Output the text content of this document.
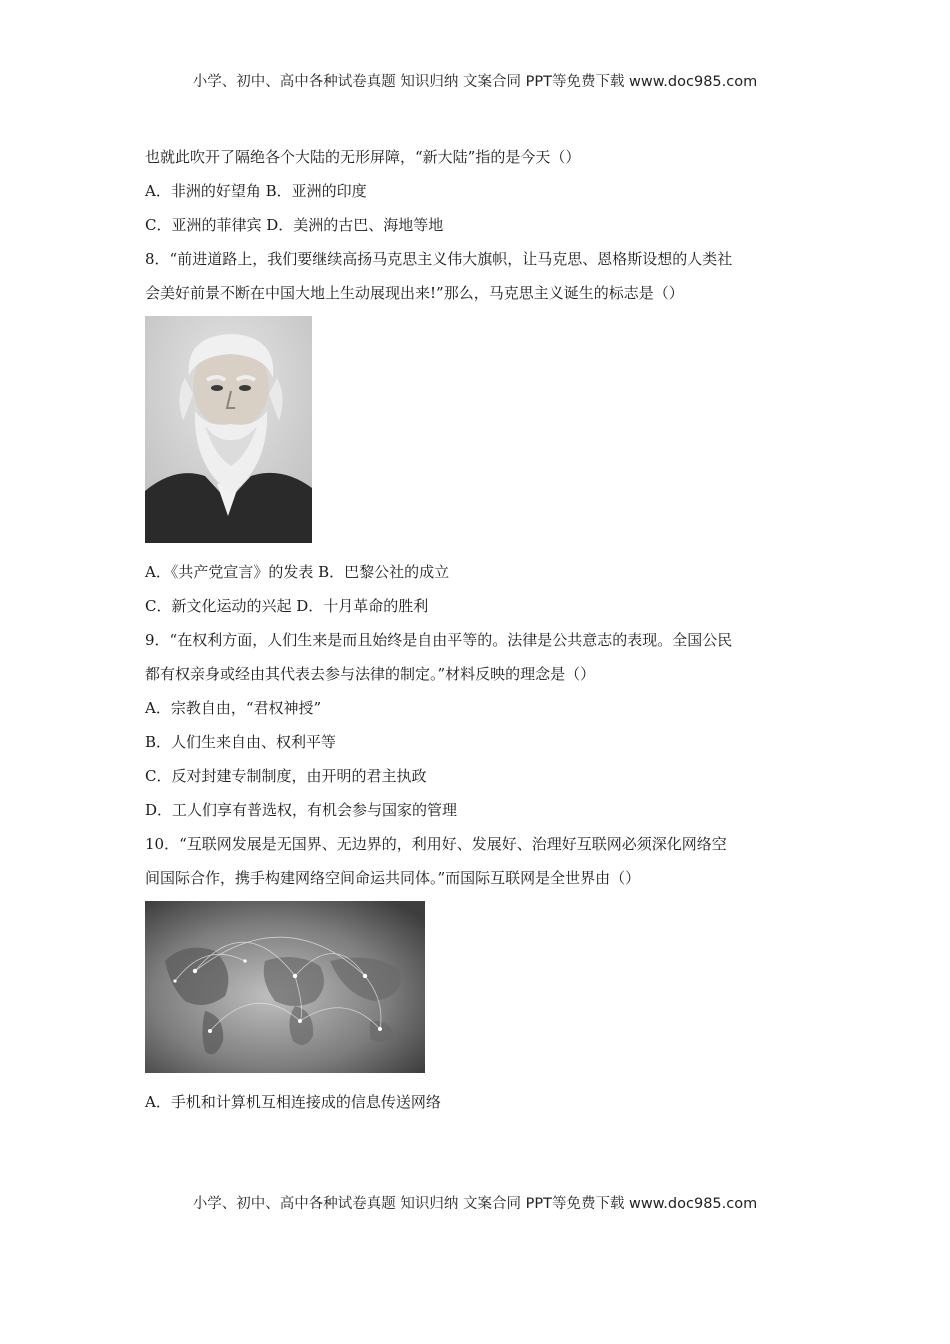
小学、初中、高中各种试卷真题 知识归纳 文案合同 PPT等免费下载 www.doc985.com
也就此吹开了隔绝各个大陆的无形屏障，“新大陆”指的是今天（）
A．非洲的好望角 B．亚洲的印度
C．亚洲的菲律宾 D．美洲的古巴、海地等地
8．“前进道路上，我们要继续高扬马克思主义伟大旗帜，让马克思、恩格斯设想的人类社
会美好前景不断在中国大地上生动展现出来!”那么，马克思主义诞生的标志是（）
A．《共产党宣言》的发表 B．巴黎公社的成立
C．新文化运动的兴起 D．十月革命的胜利
9．“在权利方面，人们生来是而且始终是自由平等的。法律是公共意志的表现。全国公民
都有权亲身或经由其代表去参与法律的制定。”材料反映的理念是（）
A．宗教自由，“君权神授”
B．人们生来自由、权利平等
C．反对封建专制制度，由开明的君主执政
D．工人们享有普选权，有机会参与国家的管理
10．“互联网发展是无国界、无边界的，利用好、发展好、治理好互联网必须深化网络空
间国际合作，携手构建网络空间命运共同体。”而国际互联网是全世界由（）
A．手机和计算机互相连接成的信息传送网络
小学、初中、高中各种试卷真题 知识归纳 文案合同 PPT等免费下载 www.doc985.com
